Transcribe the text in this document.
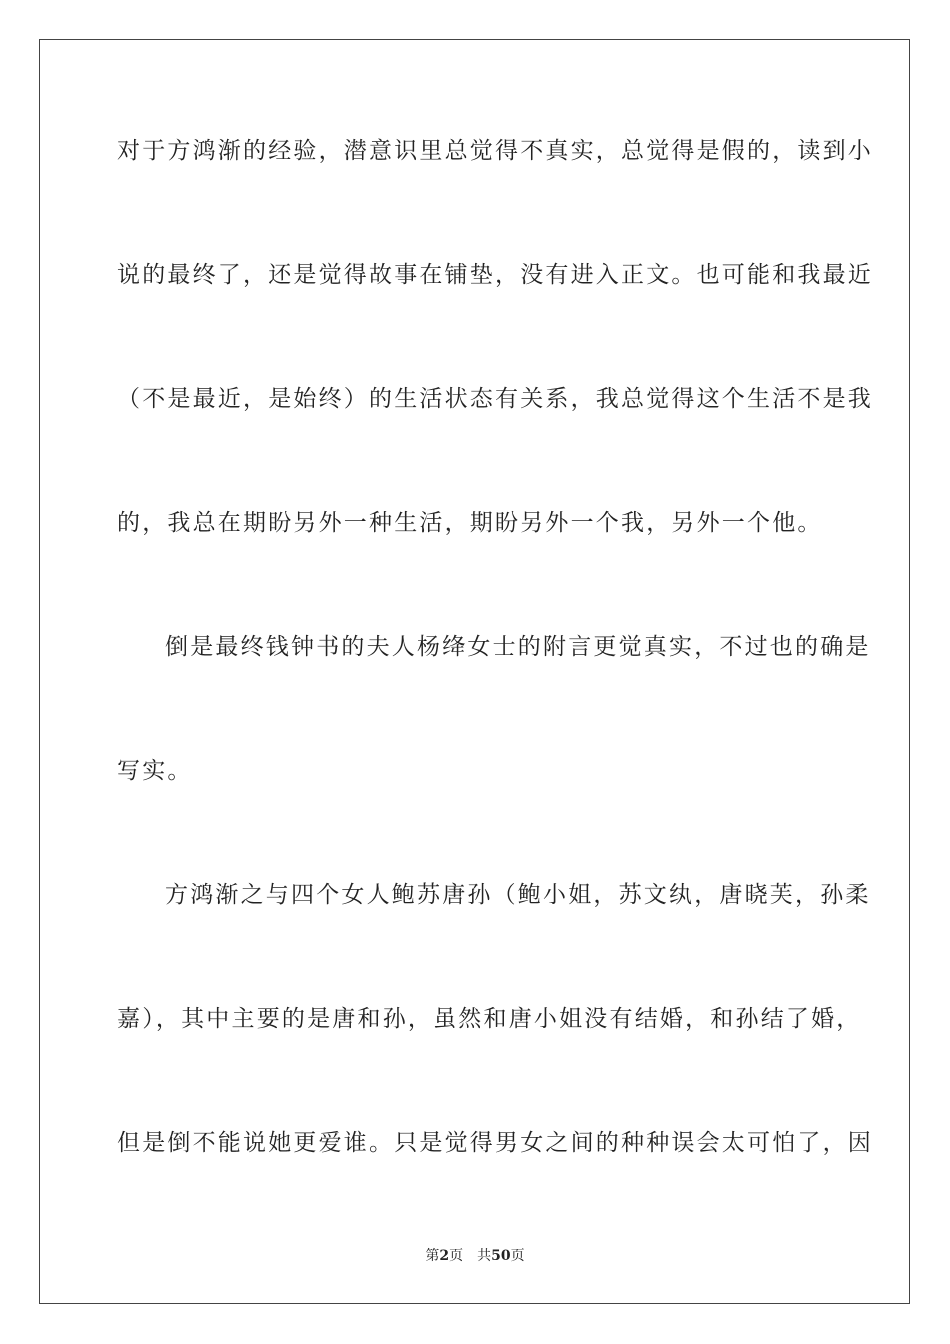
对于方鸿渐的经验，潜意识里总觉得不真实，总觉得是假的，读到小
说的最终了，还是觉得故事在铺垫，没有进入正文。也可能和我最近
（不是最近，是始终）的生活状态有关系，我总觉得这个生活不是我
的，我总在期盼另外一种生活，期盼另外一个我，另外一个他。
倒是最终钱钟书的夫人杨绛女士的附言更觉真实，不过也的确是
写实。
方鸿渐之与四个女人鲍苏唐孙（鲍小姐，苏文纨，唐晓芙，孙柔
嘉），其中主要的是唐和孙，虽然和唐小姐没有结婚，和孙结了婚，
但是倒不能说她更爱谁。只是觉得男女之间的种种误会太可怕了，因
第2页　共50页
